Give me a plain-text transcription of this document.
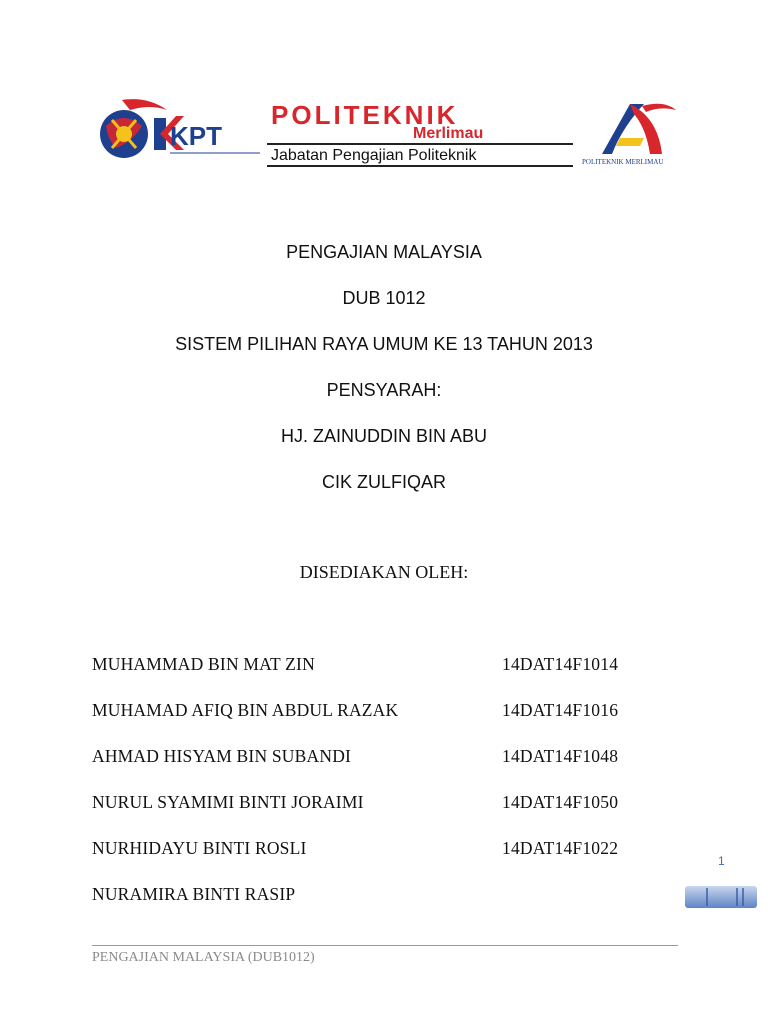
KPT
POLITEKNIK
Merlimau
Jabatan Pengajian Politeknik	POLITEKNIK MERLIMAU
PENGAJIAN MALAYSIA
DUB 1012
SISTEM PILIHAN RAYA UMUM KE 13 TAHUN 2013
PENSYARAH:
HJ. ZAINUDDIN BIN ABU
CIK ZULFIQAR
DISEDIAKAN OLEH:
MUHAMMAD BIN MAT ZIN	14DAT14F1014
MUHAMAD AFIQ BIN ABDUL RAZAK	14DAT14F1016
AHMAD HISYAM BIN SUBANDI	14DAT14F1048
NURUL SYAMIMI BINTI JORAIMI	14DAT14F1050
NURHIDAYU BINTI ROSLI	14DAT14F1022
NURAMIRA BINTI RASIP
1
PENGAJIAN MALAYSIA (DUB1012)
